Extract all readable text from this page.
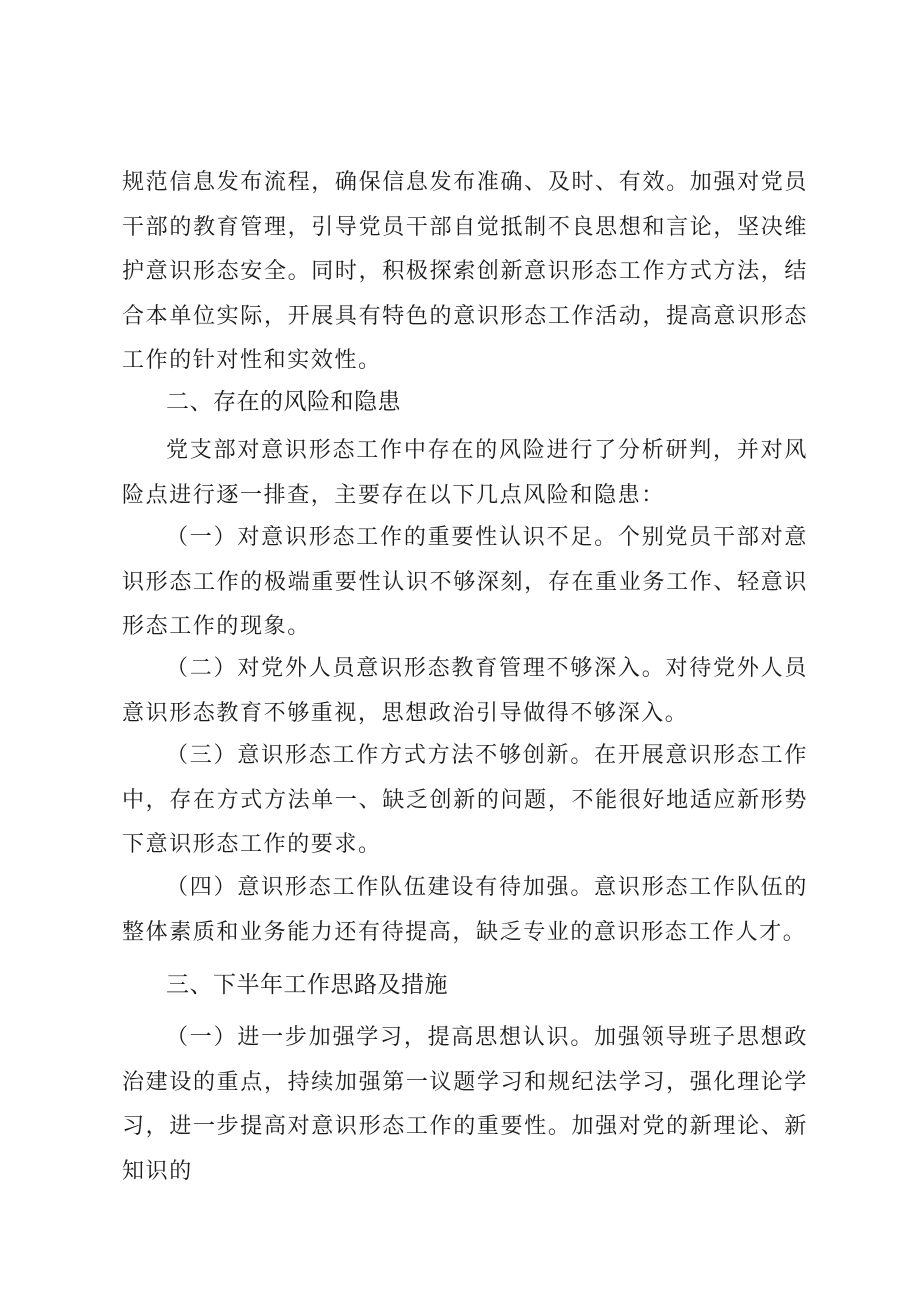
规范信息发布流程，确保信息发布准确、及时、有效。加强对党员干部的教育管理，引导党员干部自觉抵制不良思想和言论，坚决维护意识形态安全。同时，积极探索创新意识形态工作方式方法，结合本单位实际，开展具有特色的意识形态工作活动，提高意识形态工作的针对性和实效性。

二、存在的风险和隐患

党支部对意识形态工作中存在的风险进行了分析研判，并对风险点进行逐一排查，主要存在以下几点风险和隐患：

（一）对意识形态工作的重要性认识不足。个别党员干部对意识形态工作的极端重要性认识不够深刻，存在重业务工作、轻意识形态工作的现象。

（二）对党外人员意识形态教育管理不够深入。对待党外人员意识形态教育不够重视，思想政治引导做得不够深入。

（三）意识形态工作方式方法不够创新。在开展意识形态工作中，存在方式方法单一、缺乏创新的问题，不能很好地适应新形势下意识形态工作的要求。

（四）意识形态工作队伍建设有待加强。意识形态工作队伍的整体素质和业务能力还有待提高，缺乏专业的意识形态工作人才。

三、下半年工作思路及措施

（一）进一步加强学习，提高思想认识。加强领导班子思想政治建设的重点，持续加强第一议题学习和规纪法学习，强化理论学习，进一步提高对意识形态工作的重要性。加强对党的新理论、新知识的
